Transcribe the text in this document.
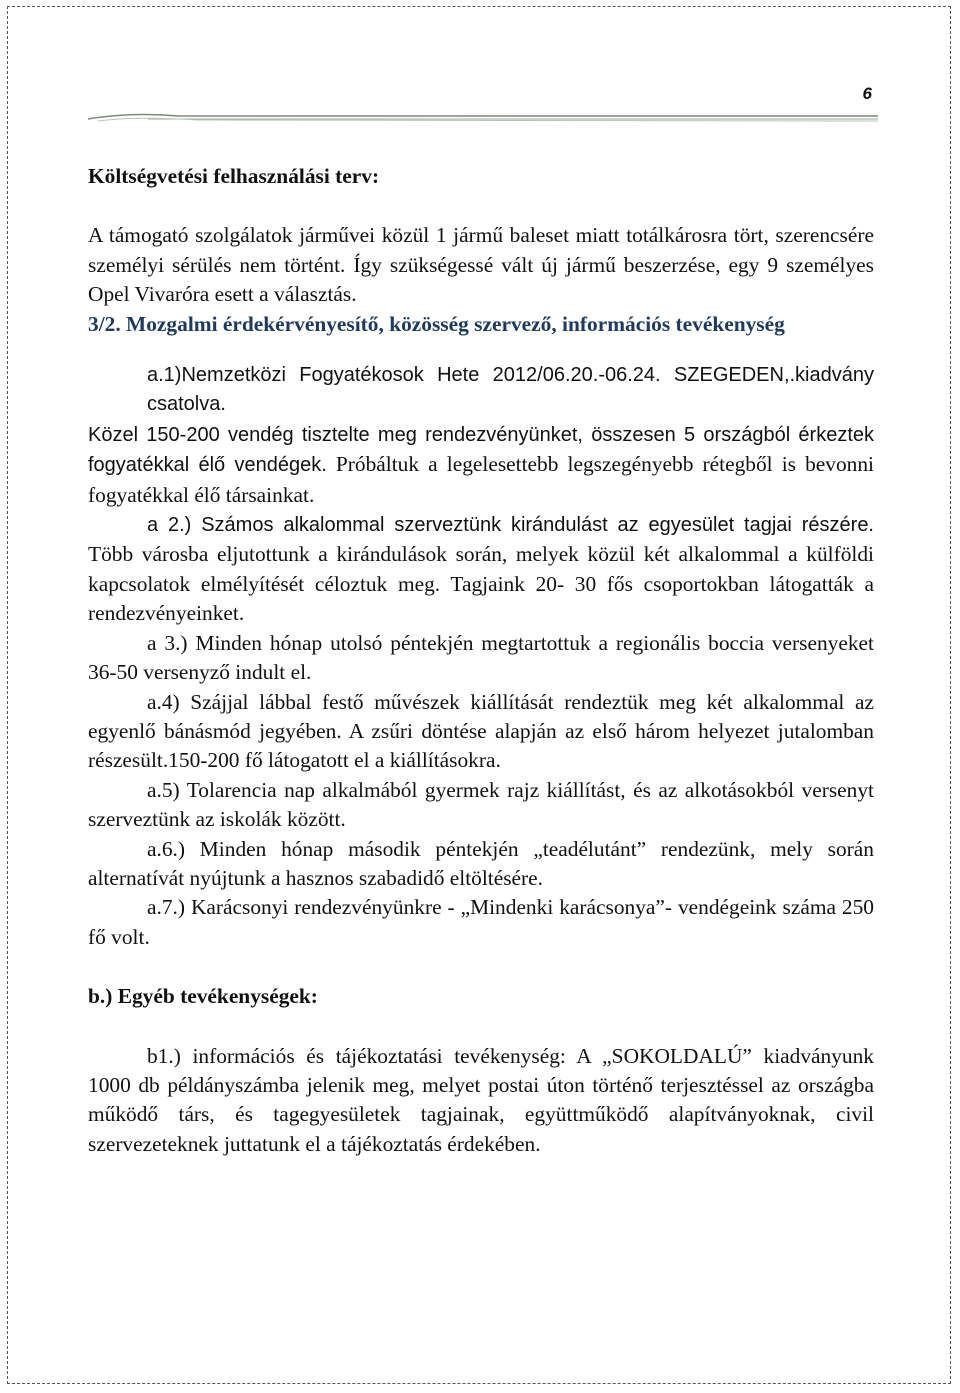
6

Költségvetési felhasználási terv:

A támogató szolgálatok járművei közül 1 jármű baleset miatt totálkárosra tört, szerencsére személyi sérülés nem történt. Így szükségessé vált új jármű beszerzése, egy 9 személyes Opel Vivaróra esett a választás.

3/2. Mozgalmi érdekérvényesítő, közösség szervező, információs tevékenység

a.1)Nemzetközi Fogyatékosok Hete 2012/06.20.-06.24. SZEGEDEN,.kiadvány csatolva.

Közel 150-200 vendég tisztelte meg rendezvényünket, összesen 5 országból érkeztek fogyatékkal élő vendégek. Próbáltuk a legelesettebb legszegényebb rétegből is bevonni fogyatékkal élő társainkat.

a 2.) Számos alkalommal szerveztünk kirándulást az egyesület tagjai részére. Több városba eljutottunk a kirándulások során, melyek közül két alkalommal a külföldi kapcsolatok elmélyítését céloztuk meg. Tagjaink 20- 30 fős csoportokban látogatták a rendezvényeinket.

a 3.) Minden hónap utolsó péntekjén megtartottuk a regionális boccia versenyeket 36-50 versenyző indult el.

a.4) Szájjal lábbal festő művészek kiállítását rendeztük meg két alkalommal az egyenlő bánásmód jegyében. A zsűri döntése alapján az első három helyezet jutalomban részesült.150-200 fő látogatott el a kiállításokra.

a.5) Tolarencia nap alkalmából gyermek rajz kiállítást, és az alkotásokból versenyt szerveztünk az iskolák között.

a.6.) Minden hónap második péntekjén „teadélutánt” rendezünk, mely során alternatívát nyújtunk a hasznos szabadidő eltöltésére.

a.7.) Karácsonyi rendezvényünkre - „Mindenki karácsonya”- vendégeink száma 250 fő volt.

b.) Egyéb tevékenységek:

b1.) információs és tájékoztatási tevékenység: A „SOKOLDALÚ” kiadványunk 1000 db példányszámba jelenik meg, melyet postai úton történő terjesztéssel az országba működő társ, és tagegyesületek tagjainak, együttműködő alapítványoknak, civil szervezeteknek juttatunk el a tájékoztatás érdekében.
